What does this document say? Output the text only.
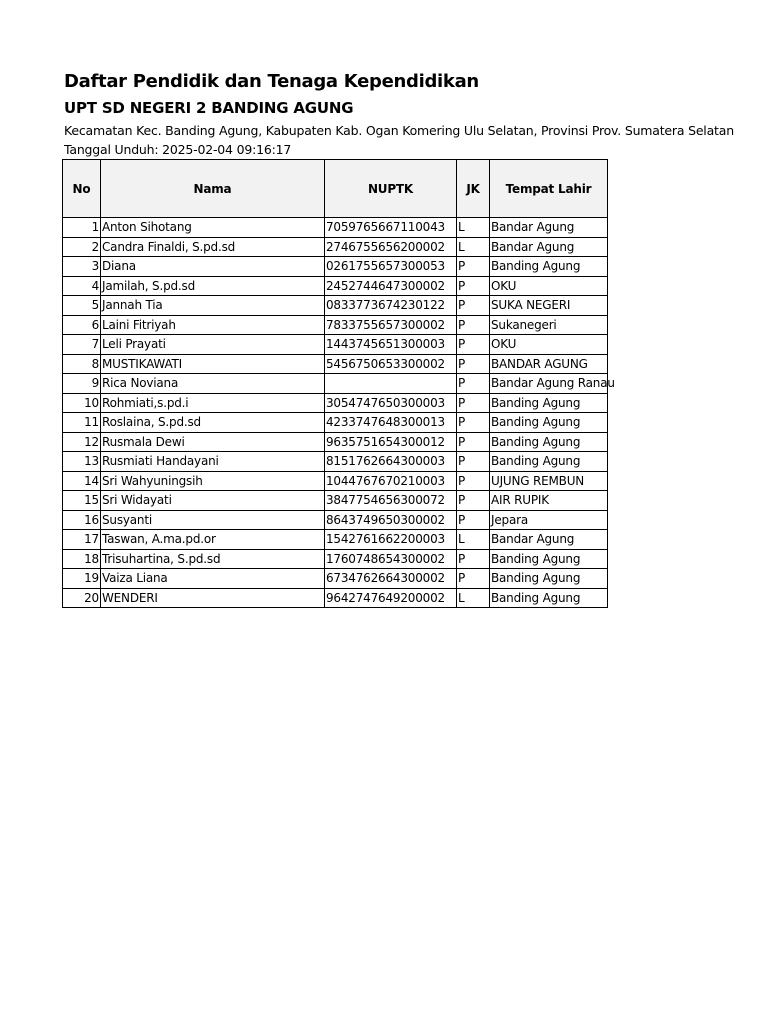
Daftar Pendidik dan Tenaga Kependidikan
UPT SD NEGERI 2 BANDING AGUNG
Kecamatan Kec. Banding Agung, Kabupaten Kab. Ogan Komering Ulu Selatan, Provinsi Prov. Sumatera Selatan
Tanggal Unduh: 2025-02-04 09:16:17
No	Nama	NUPTK	JK	Tempat Lahir
1	Anton Sihotang	7059765667110043	L	Bandar Agung
2	Candra Finaldi, S.pd.sd	2746755656200002	L	Bandar Agung
3	Diana	0261755657300053	P	Banding Agung
4	Jamilah, S.pd.sd	2452744647300002	P	OKU
5	Jannah Tia	0833773674230122	P	SUKA NEGERI
6	Laini Fitriyah	7833755657300002	P	Sukanegeri
7	Leli Prayati	1443745651300003	P	OKU
8	MUSTIKAWATI	5456750653300002	P	BANDAR AGUNG
9	Rica Noviana		P	Bandar Agung Ranau
10	Rohmiati,s.pd.i	3054747650300003	P	Banding Agung
11	Roslaina, S.pd.sd	4233747648300013	P	Banding Agung
12	Rusmala Dewi	9635751654300012	P	Banding Agung
13	Rusmiati Handayani	8151762664300003	P	Banding Agung
14	Sri Wahyuningsih	1044767670210003	P	UJUNG REMBUN
15	Sri Widayati	3847754656300072	P	AIR RUPIK
16	Susyanti	8643749650300002	P	Jepara
17	Taswan, A.ma.pd.or	1542761662200003	L	Bandar Agung
18	Trisuhartina, S.pd.sd	1760748654300002	P	Banding Agung
19	Vaiza Liana	6734762664300002	P	Banding Agung
20	WENDERI	9642747649200002	L	Banding Agung
